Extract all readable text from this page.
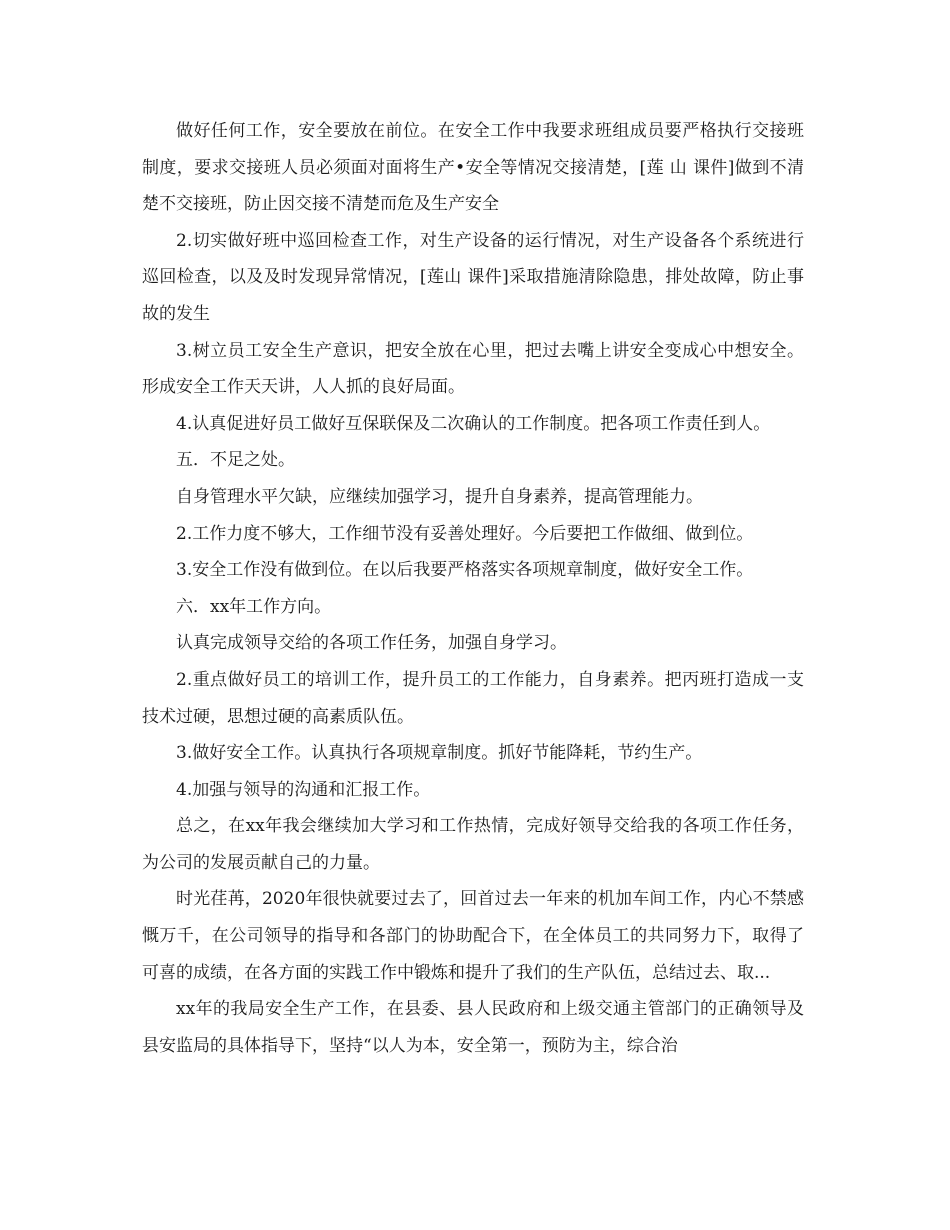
做好任何工作，安全要放在前位。在安全工作中我要求班组成员要严格执行交接班制度，要求交接班人员必须面对面将生产•安全等情况交接清楚，[莲 山 课件]做到不清楚不交接班，防止因交接不清楚而危及生产安全

2.切实做好班中巡回检查工作，对生产设备的运行情况，对生产设备各个系统进行巡回检查，以及及时发现异常情况，[莲山 课件]采取措施清除隐患，排处故障，防止事故的发生

3.树立员工安全生产意识，把安全放在心里，把过去嘴上讲安全变成心中想安全。形成安全工作天天讲，人人抓的良好局面。

4.认真促进好员工做好互保联保及二次确认的工作制度。把各项工作责任到人。

五．不足之处。

自身管理水平欠缺，应继续加强学习，提升自身素养，提高管理能力。

2.工作力度不够大，工作细节没有妥善处理好。今后要把工作做细、做到位。

3.安全工作没有做到位。在以后我要严格落实各项规章制度，做好安全工作。

六．xx年工作方向。

认真完成领导交给的各项工作任务，加强自身学习。

2.重点做好员工的培训工作，提升员工的工作能力，自身素养。把丙班打造成一支技术过硬，思想过硬的高素质队伍。

3.做好安全工作。认真执行各项规章制度。抓好节能降耗，节约生产。

4.加强与领导的沟通和汇报工作。

总之，在xx年我会继续加大学习和工作热情，完成好领导交给我的各项工作任务，为公司的发展贡献自己的力量。

时光荏苒，2020年很快就要过去了，回首过去一年来的机加车间工作，内心不禁感慨万千，在公司领导的指导和各部门的协助配合下，在全体员工的共同努力下，取得了可喜的成绩，在各方面的实践工作中锻炼和提升了我们的生产队伍，总结过去、取...

xx年的我局安全生产工作，在县委、县人民政府和上级交通主管部门的正确领导及县安监局的具体指导下，坚持“以人为本，安全第一，预防为主，综合治
